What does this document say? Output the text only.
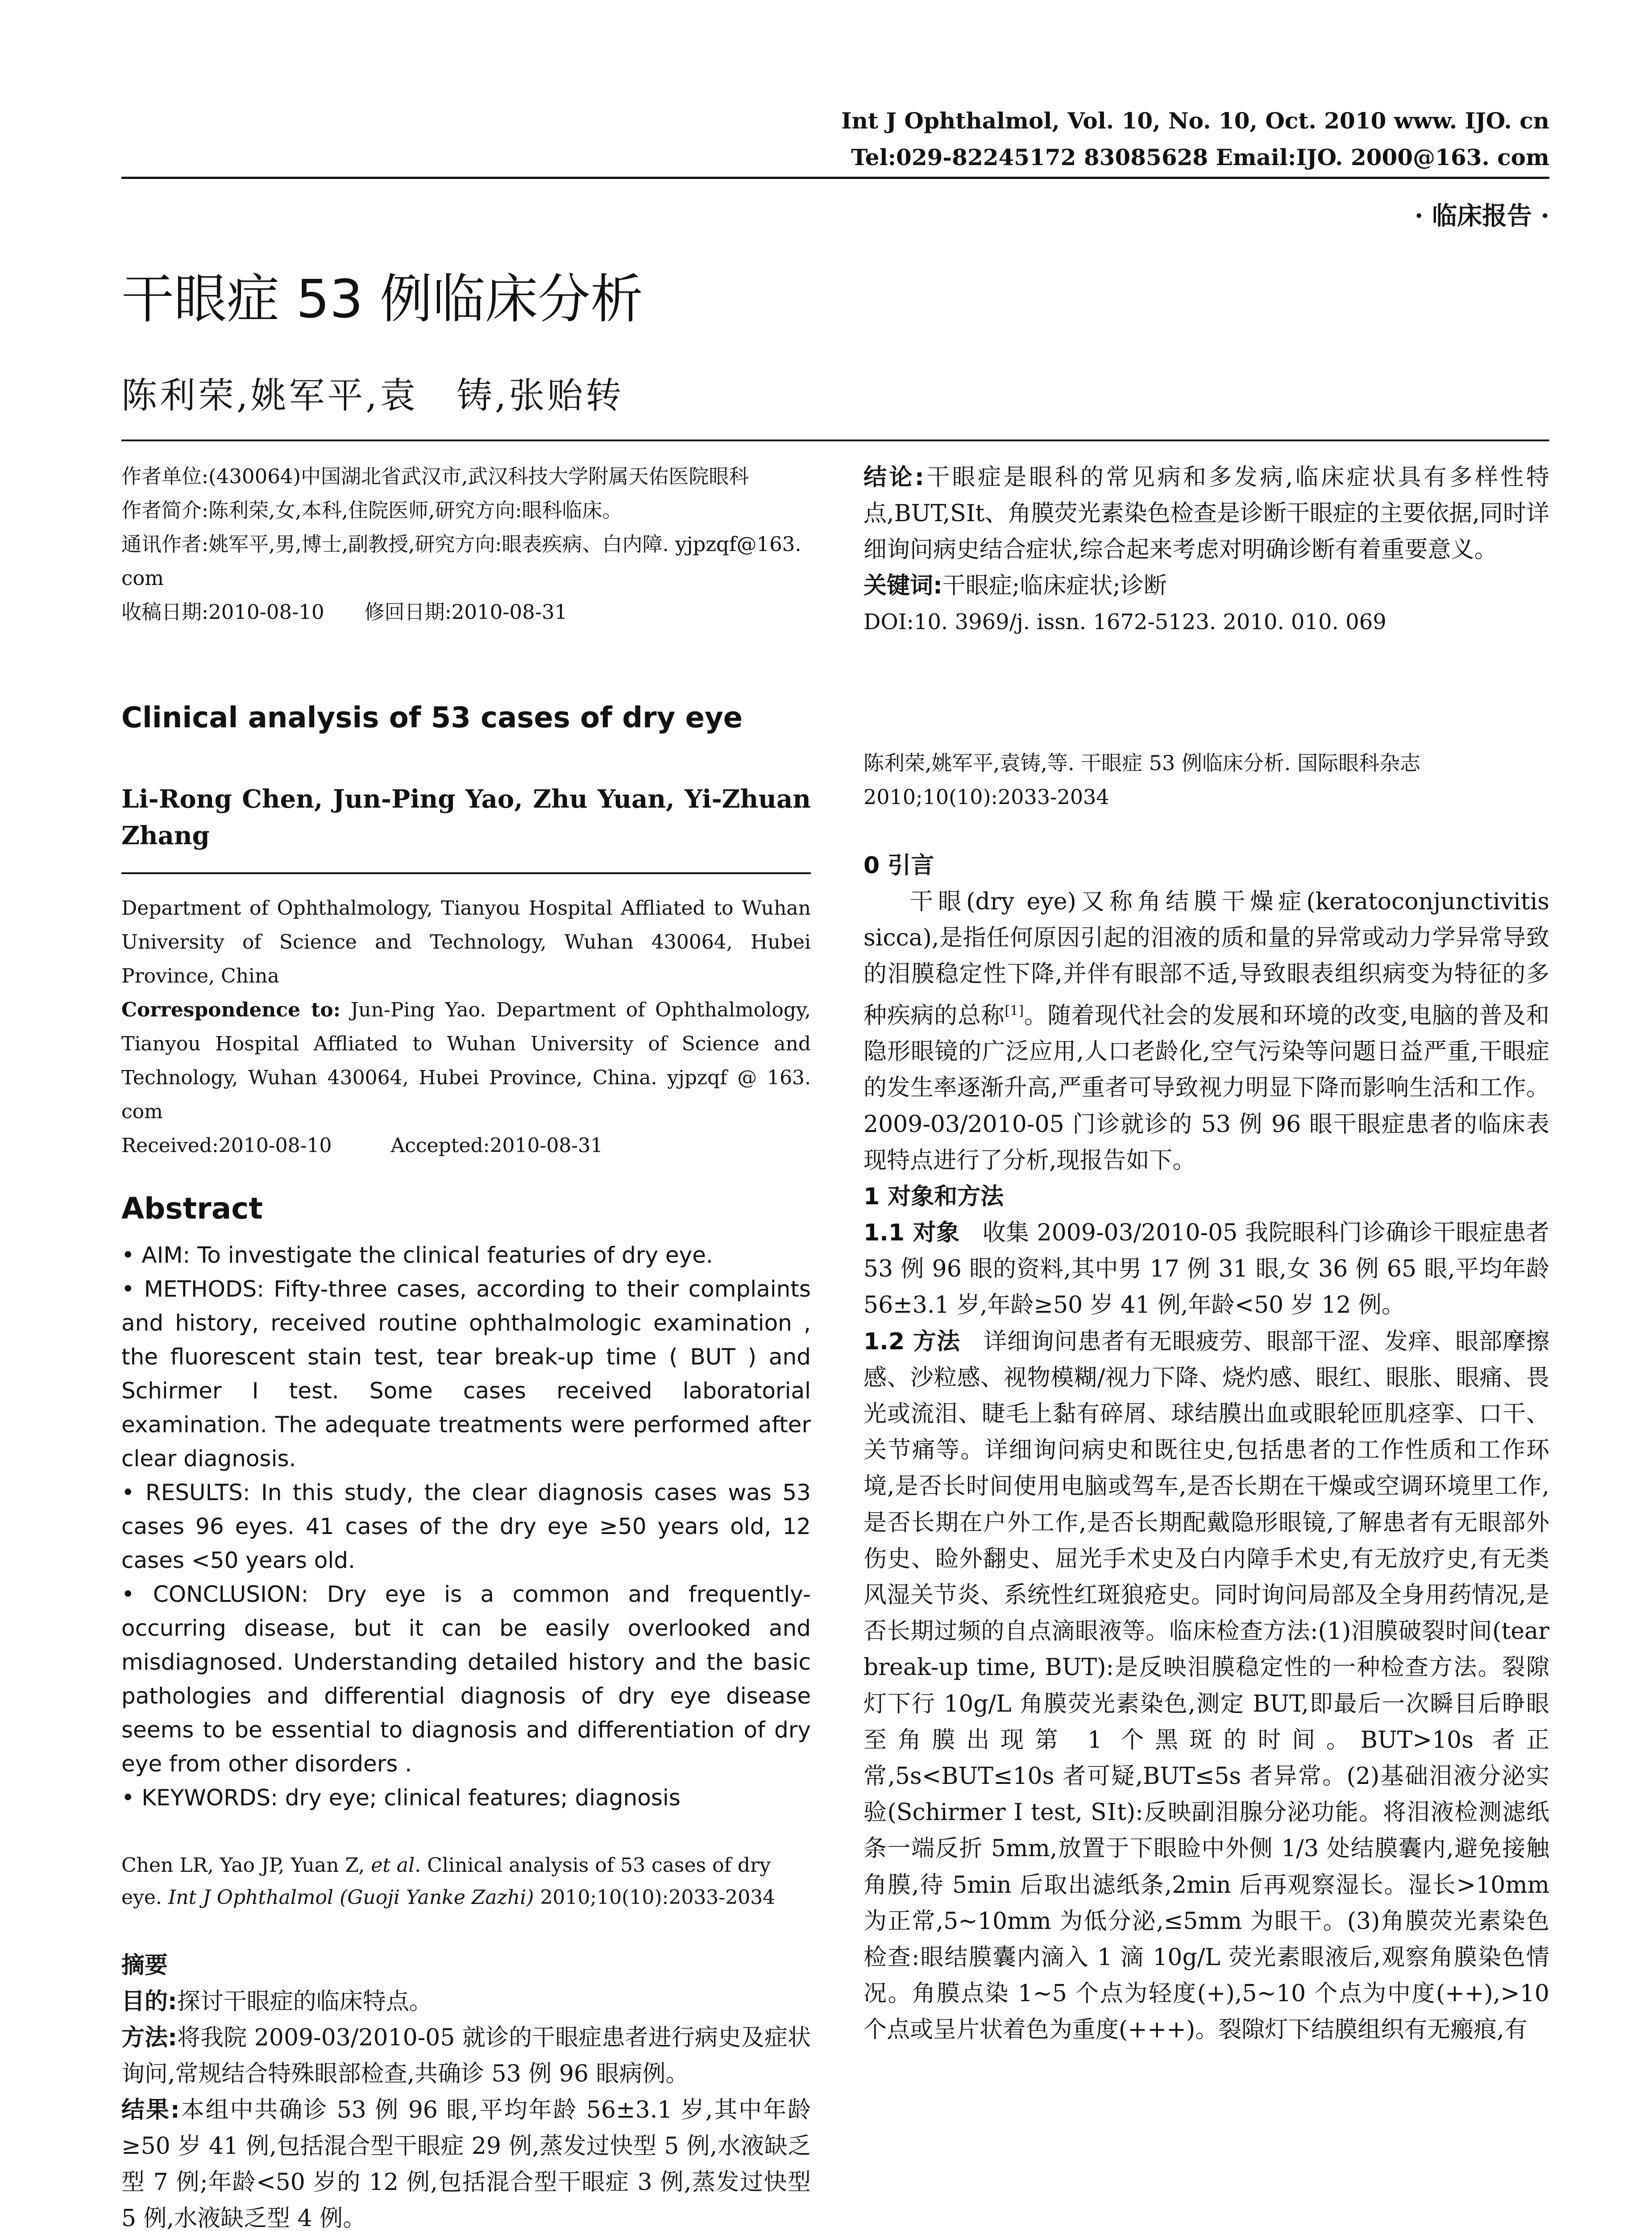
Int J Ophthalmol, Vol. 10, No. 10, Oct. 2010 www. IJO. cn
Tel:029-82245172 83085628 Email:IJO. 2000@163. com
· 临床报告 ·
干眼症 53 例临床分析
陈利荣,姚军平,袁　铸,张贻转

作者单位:(430064)中国湖北省武汉市,武汉科技大学附属天佑医院眼科

作者简介:陈利荣,女,本科,住院医师,研究方向:眼科临床。

通讯作者:姚军平,男,博士,副教授,研究方向:眼表疾病、白内障. yjpzqf@163. com

收稿日期:2010-08-10　　修回日期:2010-08-31

Clinical analysis of 53 cases of dry eye
Li-Rong Chen, Jun-Ping Yao, Zhu Yuan, Yi-Zhuan Zhang

Department of Ophthalmology, Tianyou Hospital Affliated to Wuhan University of Science and Technology, Wuhan 430064, Hubei Province, China

Correspondence to: Jun-Ping Yao. Department of Ophthalmology, Tianyou Hospital Affliated to Wuhan University of Science and Technology, Wuhan 430064, Hubei Province, China. yjpzqf @ 163. com

Received:2010-08-10　　　Accepted:2010-08-31

Abstract

• AIM: To investigate the clinical featuries of dry eye.

• METHODS: Fifty-three cases, according to their complaints and history, received routine ophthalmologic examination , the fluorescent stain test, tear break-up time ( BUT ) and Schirmer I test. Some cases received laboratorial examination. The adequate treatments were performed after clear diagnosis.

• RESULTS: In this study, the clear diagnosis cases was 53 cases 96 eyes. 41 cases of the dry eye ≥50 years old, 12 cases <50 years old.

• CONCLUSION: Dry eye is a common and frequently-occurring disease, but it can be easily overlooked and misdiagnosed. Understanding detailed history and the basic pathologies and differential diagnosis of dry eye disease seems to be essential to diagnosis and differentiation of dry eye from other disorders .

• KEYWORDS: dry eye; clinical features; diagnosis

Chen LR, Yao JP, Yuan Z, et al. Clinical analysis of 53 cases of dry eye. Int J Ophthalmol (Guoji Yanke Zazhi) 2010;10(10):2033-2034

摘要

目的:探讨干眼症的临床特点。

方法:将我院 2009-03/2010-05 就诊的干眼症患者进行病史及症状询问,常规结合特殊眼部检查,共确诊 53 例 96 眼病例。

结果:本组中共确诊 53 例 96 眼,平均年龄 56±3.1 岁,其中年龄≥50 岁 41 例,包括混合型干眼症 29 例,蒸发过快型 5 例,水液缺乏型 7 例;年龄<50 岁的 12 例,包括混合型干眼症 3 例,蒸发过快型 5 例,水液缺乏型 4 例。

结论:干眼症是眼科的常见病和多发病,临床症状具有多样性特点,BUT,SⅠt、角膜荧光素染色检查是诊断干眼症的主要依据,同时详细询问病史结合症状,综合起来考虑对明确诊断有着重要意义。

关键词:干眼症;临床症状;诊断

DOI:10. 3969/j. issn. 1672-5123. 2010. 010. 069

陈利荣,姚军平,袁铸,等. 干眼症 53 例临床分析. 国际眼科杂志 2010;10(10):2033-2034

0 引言

干眼(dry eye)又称角结膜干燥症(keratoconjunctivitis sicca),是指任何原因引起的泪液的质和量的异常或动力学异常导致的泪膜稳定性下降,并伴有眼部不适,导致眼表组织病变为特征的多种疾病的总称[1]。随着现代社会的发展和环境的改变,电脑的普及和隐形眼镜的广泛应用,人口老龄化,空气污染等问题日益严重,干眼症的发生率逐渐升高,严重者可导致视力明显下降而影响生活和工作。2009-03/2010-05 门诊就诊的 53 例 96 眼干眼症患者的临床表现特点进行了分析,现报告如下。

1 对象和方法

1.1 对象 收集 2009-03/2010-05 我院眼科门诊确诊干眼症患者 53 例 96 眼的资料,其中男 17 例 31 眼,女 36 例 65 眼,平均年龄 56±3.1 岁,年龄≥50 岁 41 例,年龄<50 岁 12 例。

1.2 方法 详细询问患者有无眼疲劳、眼部干涩、发痒、眼部摩擦感、沙粒感、视物模糊/视力下降、烧灼感、眼红、眼胀、眼痛、畏光或流泪、睫毛上黏有碎屑、球结膜出血或眼轮匝肌痉挛、口干、关节痛等。详细询问病史和既往史,包括患者的工作性质和工作环境,是否长时间使用电脑或驾车,是否长期在干燥或空调环境里工作,是否长期在户外工作,是否长期配戴隐形眼镜,了解患者有无眼部外伤史、睑外翻史、屈光手术史及白内障手术史,有无放疗史,有无类风湿关节炎、系统性红斑狼疮史。同时询问局部及全身用药情况,是否长期过频的自点滴眼液等。临床检查方法:(1)泪膜破裂时间(tear break-up time, BUT):是反映泪膜稳定性的一种检查方法。裂隙灯下行 10g/L 角膜荧光素染色,测定 BUT,即最后一次瞬目后睁眼至角膜出现第 1 个黑斑的时间。BUT>10s 者正常,5s<BUT≤10s 者可疑,BUT≤5s 者异常。(2)基础泪液分泌实验(Schirmer I test, SⅠt):反映副泪腺分泌功能。将泪液检测滤纸条一端反折 5mm,放置于下眼睑中外侧 1/3 处结膜囊内,避免接触角膜,待 5min 后取出滤纸条,2min 后再观察湿长。湿长>10mm 为正常,5~10mm 为低分泌,≤5mm 为眼干。(3)角膜荧光素染色检查:眼结膜囊内滴入 1 滴 10g/L 荧光素眼液后,观察角膜染色情况。角膜点染 1~5 个点为轻度(+),5~10 个点为中度(++),>10 个点或呈片状着色为重度(+++)。裂隙灯下结膜组织有无瘢痕,有
